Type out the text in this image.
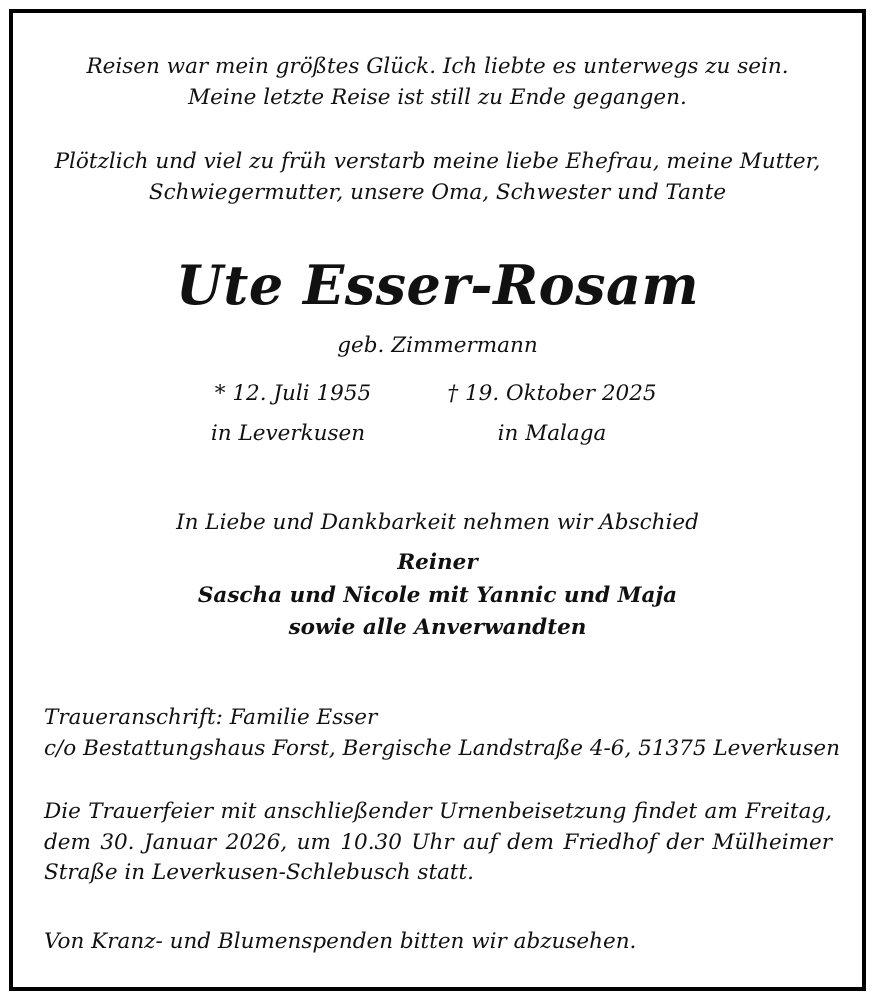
Reisen war mein größtes Glück. Ich liebte es unterwegs zu sein.
Meine letzte Reise ist still zu Ende gegangen.
Plötzlich und viel zu früh verstarb meine liebe Ehefrau, meine Mutter,
Schwiegermutter, unsere Oma, Schwester und Tante
Ute Esser-Rosam
geb. Zimmermann
* 12. Juli 1955
in Leverkusen
† 19. Oktober 2025
in Malaga
In Liebe und Dankbarkeit nehmen wir Abschied
Reiner
Sascha und Nicole mit Yannic und Maja
sowie alle Anverwandten
Traueranschrift: Familie Esser
c/o Bestattungshaus Forst, Bergische Landstraße 4-6, 51375 Leverkusen
Die Trauerfeier mit anschließender Urnenbeisetzung findet am Freitag,
dem 30. Januar 2026, um 10.30 Uhr auf dem Friedhof der Mülheimer
Straße in Leverkusen-Schlebusch statt.
Von Kranz- und Blumenspenden bitten wir abzusehen.
